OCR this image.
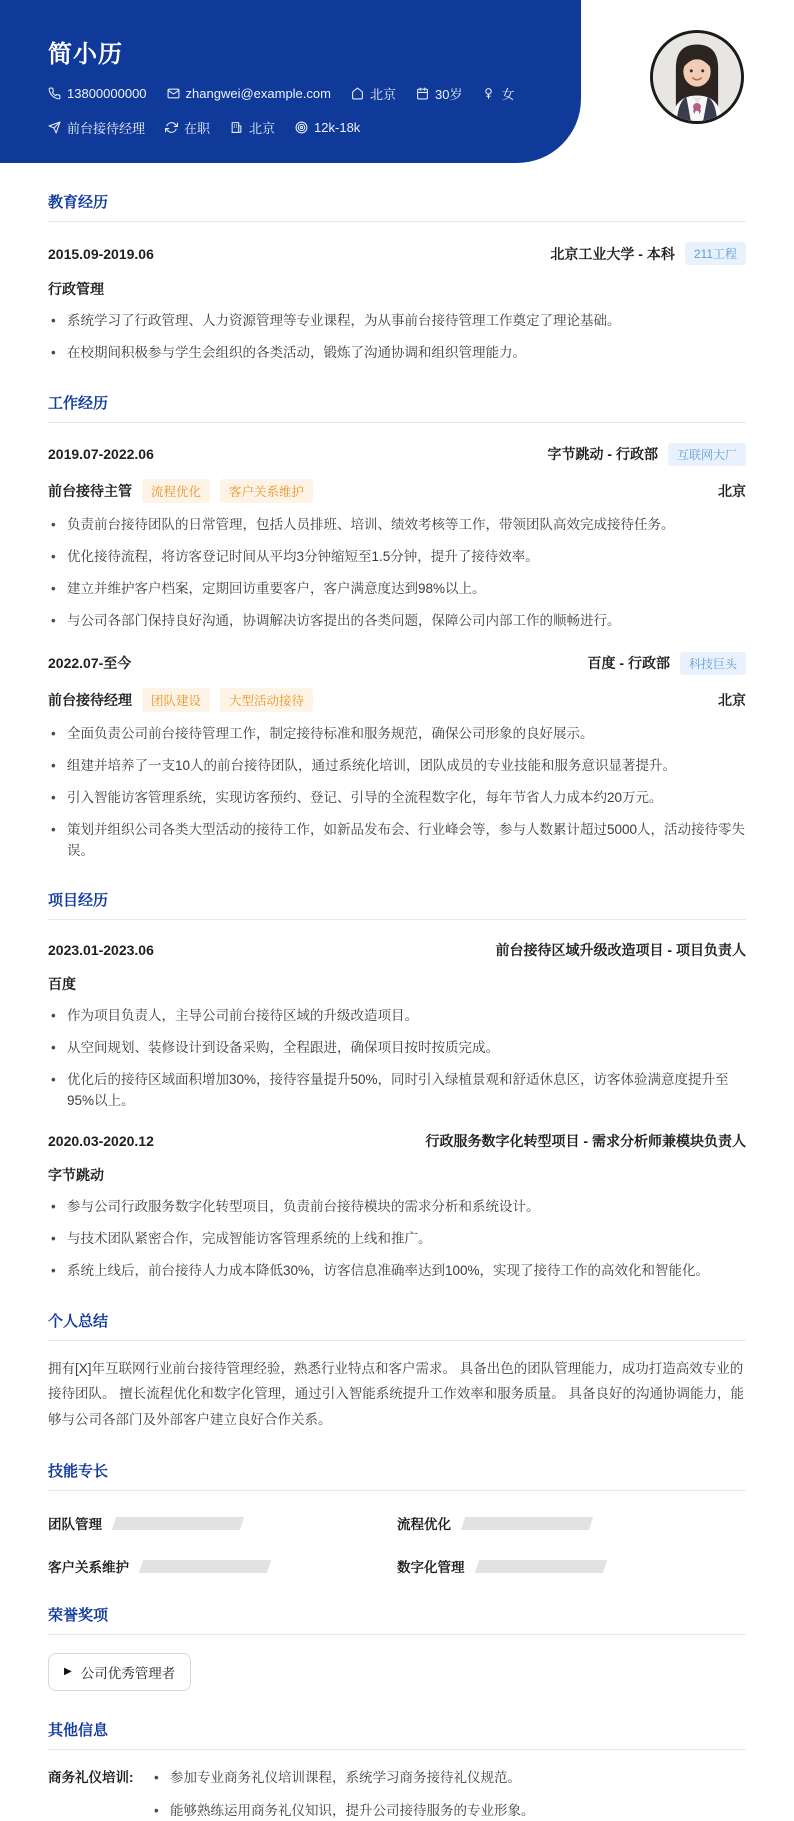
简小历
13800000000	zhangwei@example.com	北京	30岁	女
前台接待经理	在职	北京	12k-18k
教育经历
2015.09-2019.06	北京工业大学 - 本科	211工程
行政管理
• 系统学习了行政管理、人力资源管理等专业课程，为从事前台接待管理工作奠定了理论基础。
• 在校期间积极参与学生会组织的各类活动，锻炼了沟通协调和组织管理能力。
工作经历
2019.07-2022.06	字节跳动 - 行政部	互联网大厂
前台接待主管	流程优化	客户关系维护	北京
• 负责前台接待团队的日常管理，包括人员排班、培训、绩效考核等工作，带领团队高效完成接待任务。
• 优化接待流程，将访客登记时间从平均3分钟缩短至1.5分钟，提升了接待效率。
• 建立并维护客户档案，定期回访重要客户，客户满意度达到98%以上。
• 与公司各部门保持良好沟通，协调解决访客提出的各类问题，保障公司内部工作的顺畅进行。
2022.07-至今	百度 - 行政部	科技巨头
前台接待经理	团队建设	大型活动接待	北京
• 全面负责公司前台接待管理工作，制定接待标准和服务规范，确保公司形象的良好展示。
• 组建并培养了一支10人的前台接待团队，通过系统化培训，团队成员的专业技能和服务意识显著提升。
• 引入智能访客管理系统，实现访客预约、登记、引导的全流程数字化，每年节省人力成本约20万元。
• 策划并组织公司各类大型活动的接待工作，如新品发布会、行业峰会等，参与人数累计超过5000人，活动接待零失误。
项目经历
2023.01-2023.06	前台接待区域升级改造项目 - 项目负责人
百度
• 作为项目负责人，主导公司前台接待区域的升级改造项目。
• 从空间规划、装修设计到设备采购，全程跟进，确保项目按时按质完成。
• 优化后的接待区域面积增加30%，接待容量提升50%，同时引入绿植景观和舒适休息区，访客体验满意度提升至95%以上。
2020.03-2020.12	行政服务数字化转型项目 - 需求分析师兼模块负责人
字节跳动
• 参与公司行政服务数字化转型项目，负责前台接待模块的需求分析和系统设计。
• 与技术团队紧密合作，完成智能访客管理系统的上线和推广。
• 系统上线后，前台接待人力成本降低30%，访客信息准确率达到100%，实现了接待工作的高效化和智能化。
个人总结
拥有[X]年互联网行业前台接待管理经验，熟悉行业特点和客户需求。 具备出色的团队管理能力，成功打造高效专业的接待团队。 擅长流程优化和数字化管理，通过引入智能系统提升工作效率和服务质量。 具备良好的沟通协调能力，能够与公司各部门及外部客户建立良好合作关系。
技能专长
团队管理	流程优化
客户关系维护	数字化管理
荣誉奖项
▶ 公司优秀管理者
其他信息
商务礼仪培训:	• 参加专业商务礼仪培训课程，系统学习商务接待礼仪规范。
• 能够熟练运用商务礼仪知识，提升公司接待服务的专业形象。
